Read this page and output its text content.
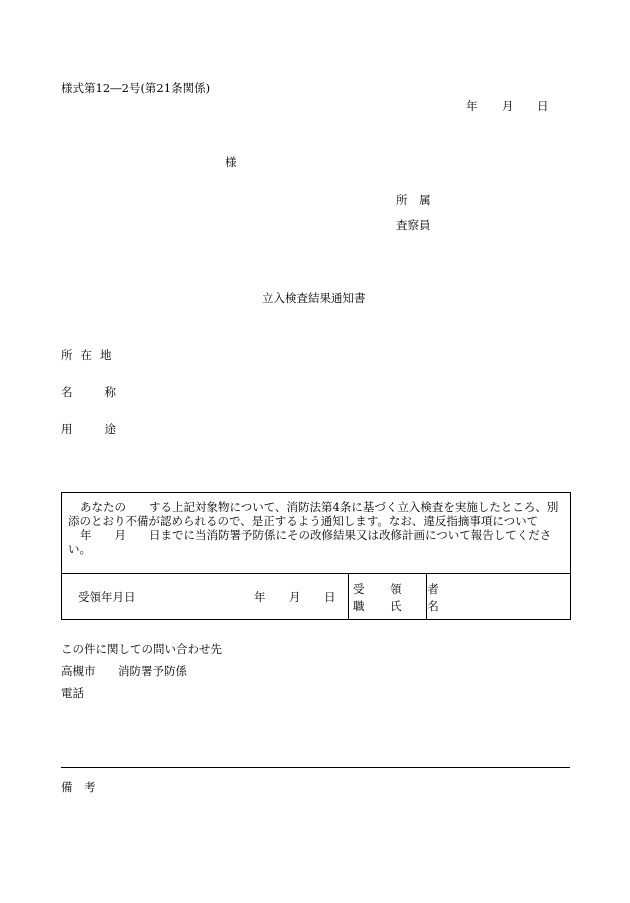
様式第12―2号(第21条関係)
年 月 日
様
所 属
査察員
立入検査結果通知書
所在地
名称
用途
あなたの　　する上記対象物について、消防法第4条に基づく立入検査を実施したところ、別
添のとおり不備が認められるので、是正するよう通知します。なお、違反指摘事項について
年　　月　　日までに当消防署予防係にその改修結果又は改修計画について報告してくださ
い。
受領年月日	年 月 日
受 領 者
職 氏 名
この件に関しての問い合わせ先
高槻市 消防署予防係
電話
備　考
